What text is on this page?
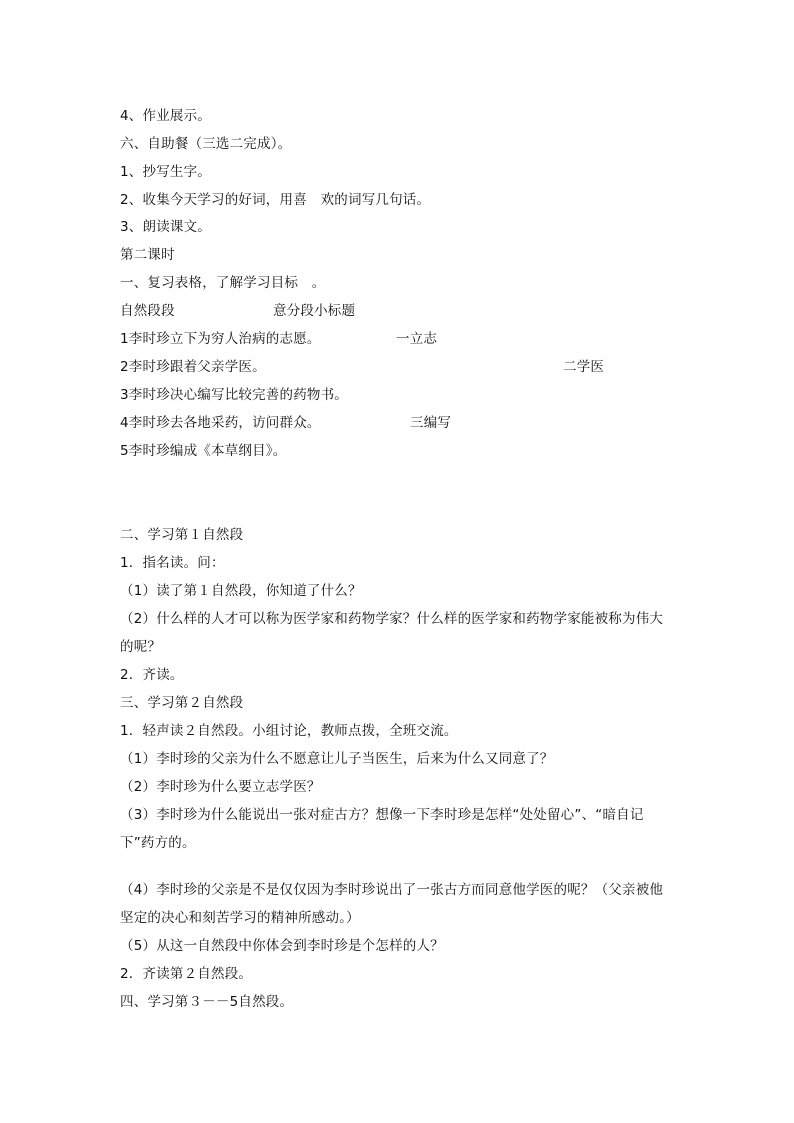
4、作业展示。
六、自助餐（三选二完成）。
1、抄写生字。
2、收集今天学习的好词，用喜　欢的词写几句话。
3、朗读课文。
第二课时
一、复习表格，了解学习目标　。
自然段段	意分段小标题
1李时珍立下为穷人治病的志愿。	一立志
2李时珍跟着父亲学医。	二学医
3李时珍决心编写比较完善的药物书。
4李时珍去各地采药，访问群众。	三编写
5李时珍编成《本草纲目》。
二、学习第１自然段
1．指名读。问：
（1）读了第１自然段，你知道了什么？
（2）什么样的人才可以称为医学家和药物学家？什么样的医学家和药物学家能被称为伟大
的呢？
2．齐读。
三、学习第２自然段
1．轻声读２自然段。小组讨论，教师点拨，全班交流。
（1）李时珍的父亲为什么不愿意让儿子当医生，后来为什么又同意了？
（2）李时珍为什么要立志学医？
（3）李时珍为什么能说出一张对症古方？想像一下李时珍是怎样“处处留心”、“暗自记
下”药方的。
（4）李时珍的父亲是不是仅仅因为李时珍说出了一张古方而同意他学医的呢？（父亲被他
坚定的决心和刻苦学习的精神所感动。）
（5）从这一自然段中你体会到李时珍是个怎样的人？
2．齐读第２自然段。
四、学习第３－－5自然段。
